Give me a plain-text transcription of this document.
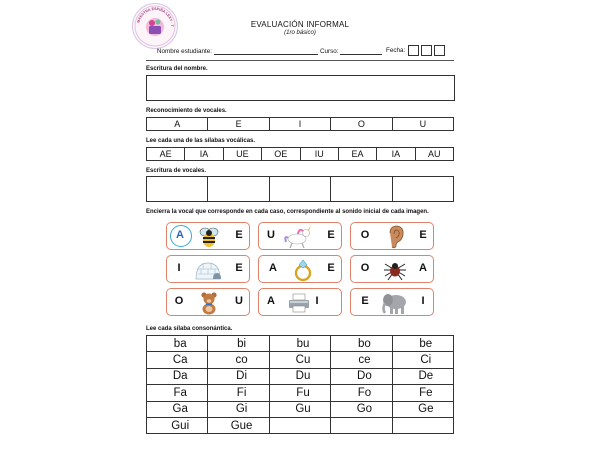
MAESTRA ESPIÑA LEXY · T	EVALUACIÓN INFORMAL
(1ro básico)
Nombre estudiante:	Curso:	Fecha:
Escritura del nombre.
Reconocimiento de vocales.
A	E	I	O	U
Lee cada una de las sílabas vocálicas.
AE	IA	UE	OE	IU	EA	IA	AU
Escritura de vocales.
Encierra la vocal que corresponde en cada caso, correspondiente al sonido inicial de cada imagen.
A	E U	E O	E
I	E A	E O	A
O	U A	I	E	I
Lee cada sílaba consonántica.
ba	bi	bu	bo	be
Ca	co	Cu	ce	Ci
Da	Di	Du	Do	De
Fa	Fi	Fu	Fo	Fe
Ga	Gi	Gu	Go	Ge
Gui	Gue			
